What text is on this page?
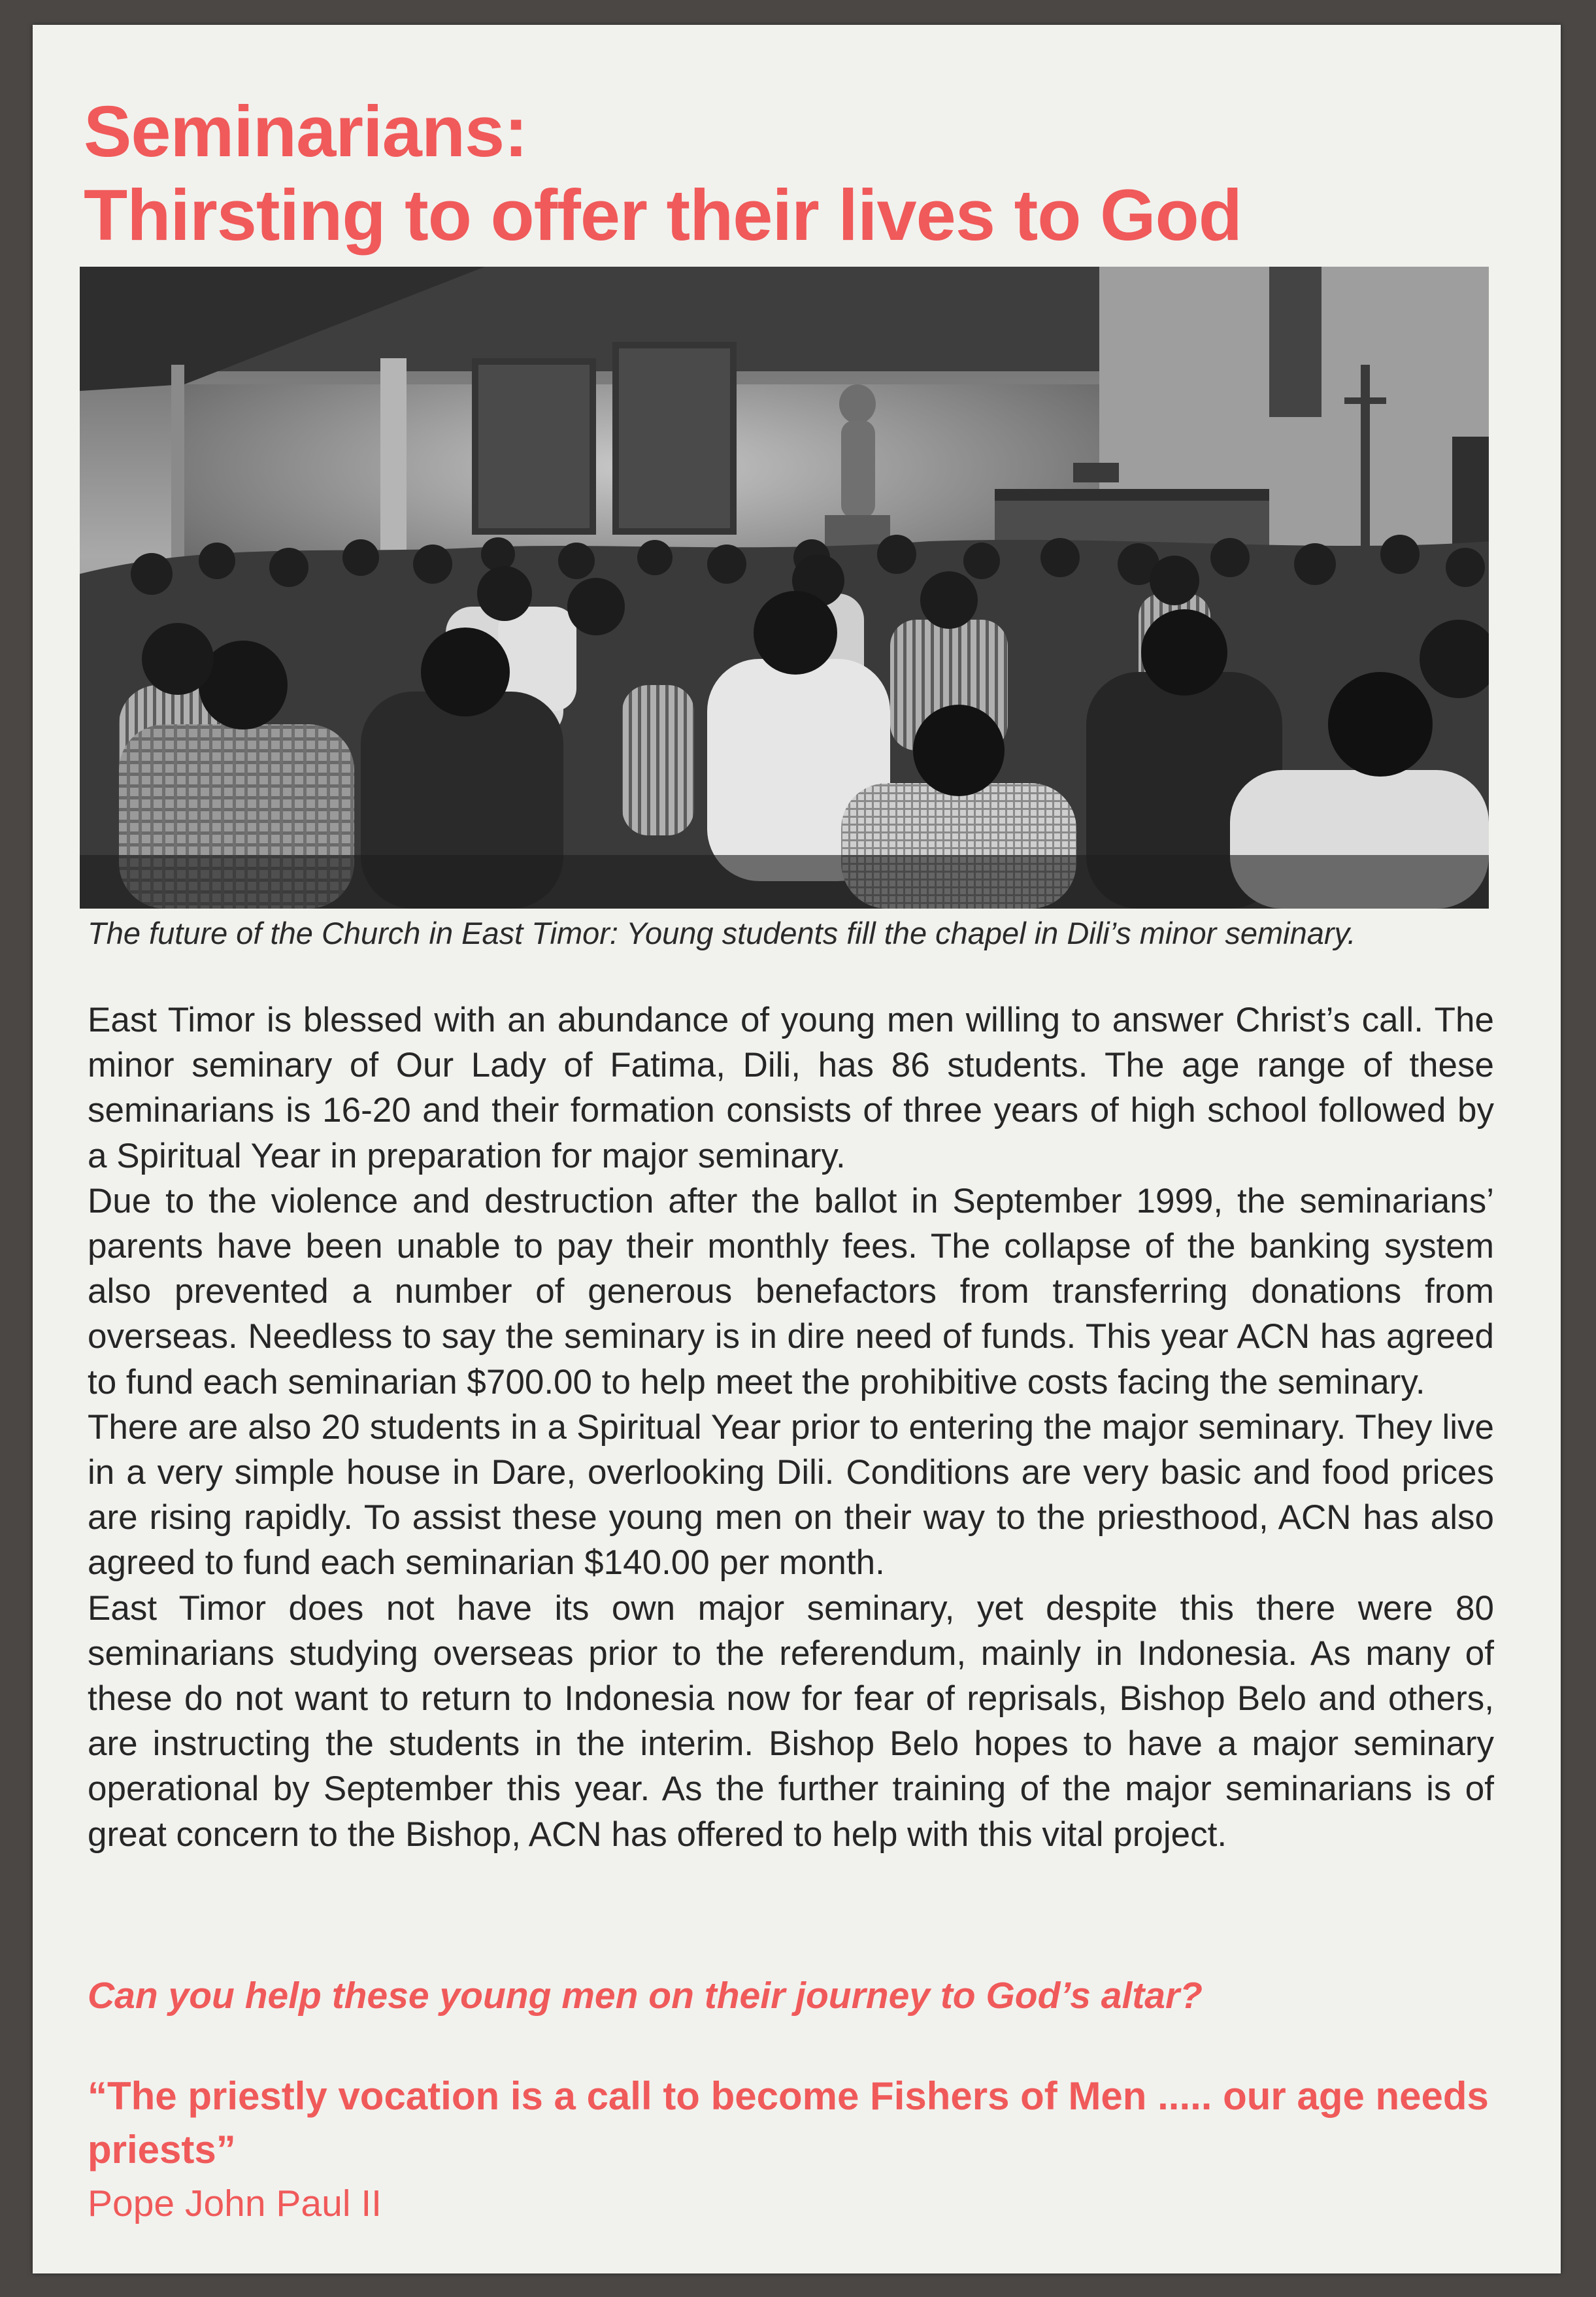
Seminarians:
Thirsting to offer their lives to God
The future of the Church in East Timor: Young students fill the chapel in Dili’s minor seminary.

East Timor is blessed with an abundance of young men willing to answer Christ’s call. The minor seminary of Our Lady of Fatima, Dili, has 86 students. The age range of these seminarians is 16-20 and their formation consists of three years of high school followed by a Spiritual Year in preparation for major seminary.

Due to the violence and destruction after the ballot in September 1999, the seminarians’ parents have been unable to pay their monthly fees. The collapse of the banking system also prevented a number of generous benefactors from transferring donations from overseas. Needless to say the seminary is in dire need of funds. This year ACN has agreed to fund each seminarian $700.00 to help meet the prohibitive costs facing the seminary.

There are also 20 students in a Spiritual Year prior to entering the major seminary. They live in a very simple house in Dare, overlooking Dili. Conditions are very basic and food prices are rising rapidly. To assist these young men on their way to the priesthood, ACN has also agreed to fund each seminarian $140.00 per month.

East Timor does not have its own major seminary, yet despite this there were 80 seminarians studying overseas prior to the referendum, mainly in Indonesia. As many of these do not want to return to Indonesia now for fear of reprisals, Bishop Belo and others, are instructing the students in the interim. Bishop Belo hopes to have a major seminary operational by September this year. As the further training of the major seminarians is of great concern to the Bishop, ACN has offered to help with this vital project.

Can you help these young men on their journey to God’s altar?
“The priestly vocation is a call to become Fishers of Men ..... our age needs priests”
Pope John Paul II
